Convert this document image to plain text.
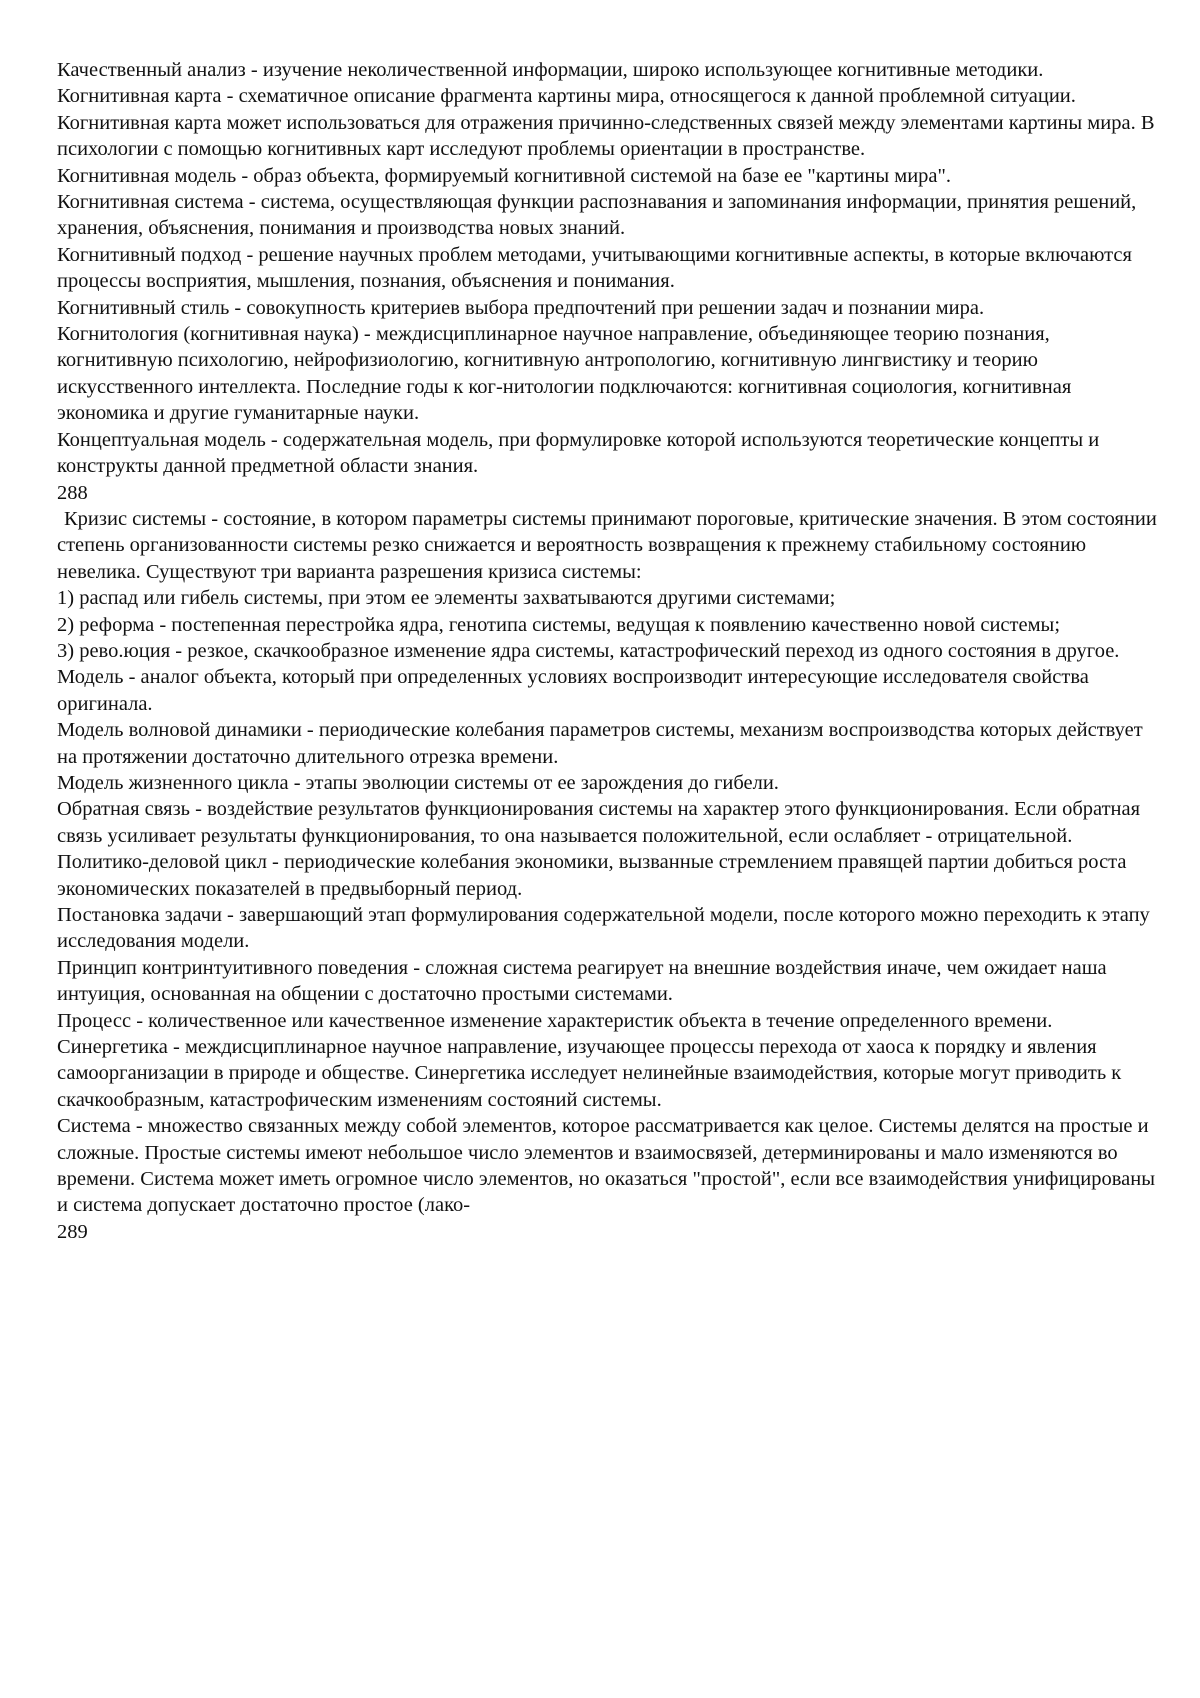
Качественный анализ - изучение неколичественной информации, широко использующее когнитивные методики.

Когнитивная карта - схематичное описание фрагмента картины мира, относящегося к данной проблемной ситуации. Когнитивная карта может использоваться для отражения причинно-следственных связей между элементами картины мира. В психологии с помощью когнитивных карт исследуют проблемы ориентации в пространстве.

Когнитивная модель - образ объекта, формируемый когнитивной системой на базе ее "картины мира".

Когнитивная система - система, осуществляющая функции распознавания и запоминания информации, принятия решений, хранения, объяснения, понимания и производства новых знаний.

Когнитивный подход - решение научных проблем методами, учитывающими когнитивные аспекты, в которые включаются процессы восприятия, мышления, познания, объяснения и понимания.

Когнитивный стиль - совокупность критериев выбора предпочтений при решении задач и познании мира.

Когнитология (когнитивная наука) - междисциплинарное научное направление, объединяющее теорию познания, когнитивную психологию, нейрофизиологию, когнитивную антропологию, когнитивную лингвистику и теорию искусственного интеллекта. Последние годы к ког-нитологии подключаются: когнитивная социология, когнитивная экономика и другие гуманитарные науки.

Концептуальная модель - содержательная модель, при формулировке которой используются теоретические концепты и конструкты данной предметной области знания.

288

Кризис системы - состояние, в котором параметры системы принимают пороговые, критические значения. В этом состоянии степень организованности системы резко снижается и вероятность возвращения к прежнему стабильному состоянию невелика. Существуют три варианта разрешения кризиса системы:

1) распад или гибель системы, при этом ее элементы захватываются другими системами;

2) реформа - постепенная перестройка ядра, генотипа системы, ведущая к появлению качественно новой системы;

3) рево.юция - резкое, скачкообразное изменение ядра системы, катастрофический переход из одного состояния в другое.

Модель - аналог объекта, который при определенных условиях воспроизводит интересующие исследователя свойства оригинала.

Модель волновой динамики - периодические колебания параметров системы, механизм воспроизводства которых действует на протяжении достаточно длительного отрезка времени.

Модель жизненного цикла - этапы эволюции системы от ее зарождения до гибели.

Обратная связь - воздействие результатов функционирования системы на характер этого функционирования. Если обратная связь усиливает результаты функционирования, то она называется положительной, если ослабляет - отрицательной.

Политико-деловой цикл - периодические колебания экономики, вызванные стремлением правящей партии добиться роста экономических показателей в предвыборный период.

Постановка задачи - завершающий этап формулирования содержательной модели, после которого можно переходить к этапу исследования модели.

Принцип контринтуитивного поведения - сложная система реагирует на внешние воздействия иначе, чем ожидает наша интуиция, основанная на общении с достаточно простыми системами.

Процесс - количественное или качественное изменение характеристик объекта в течение определенного времени.

Синергетика - междисциплинарное научное направление, изучающее процессы перехода от хаоса к порядку и явления самоорганизации в природе и обществе. Синергетика исследует нелинейные взаимодействия, которые могут приводить к скачкообразным, катастрофическим изменениям состояний системы.

Система - множество связанных между собой элементов, которое рассматривается как целое. Системы делятся на простые и сложные. Простые системы имеют небольшое число элементов и взаимосвязей, детерминированы и мало изменяются во времени. Система может иметь огромное число элементов, но оказаться "простой", если все взаимодействия унифицированы и система допускает достаточно простое (лако-

289
